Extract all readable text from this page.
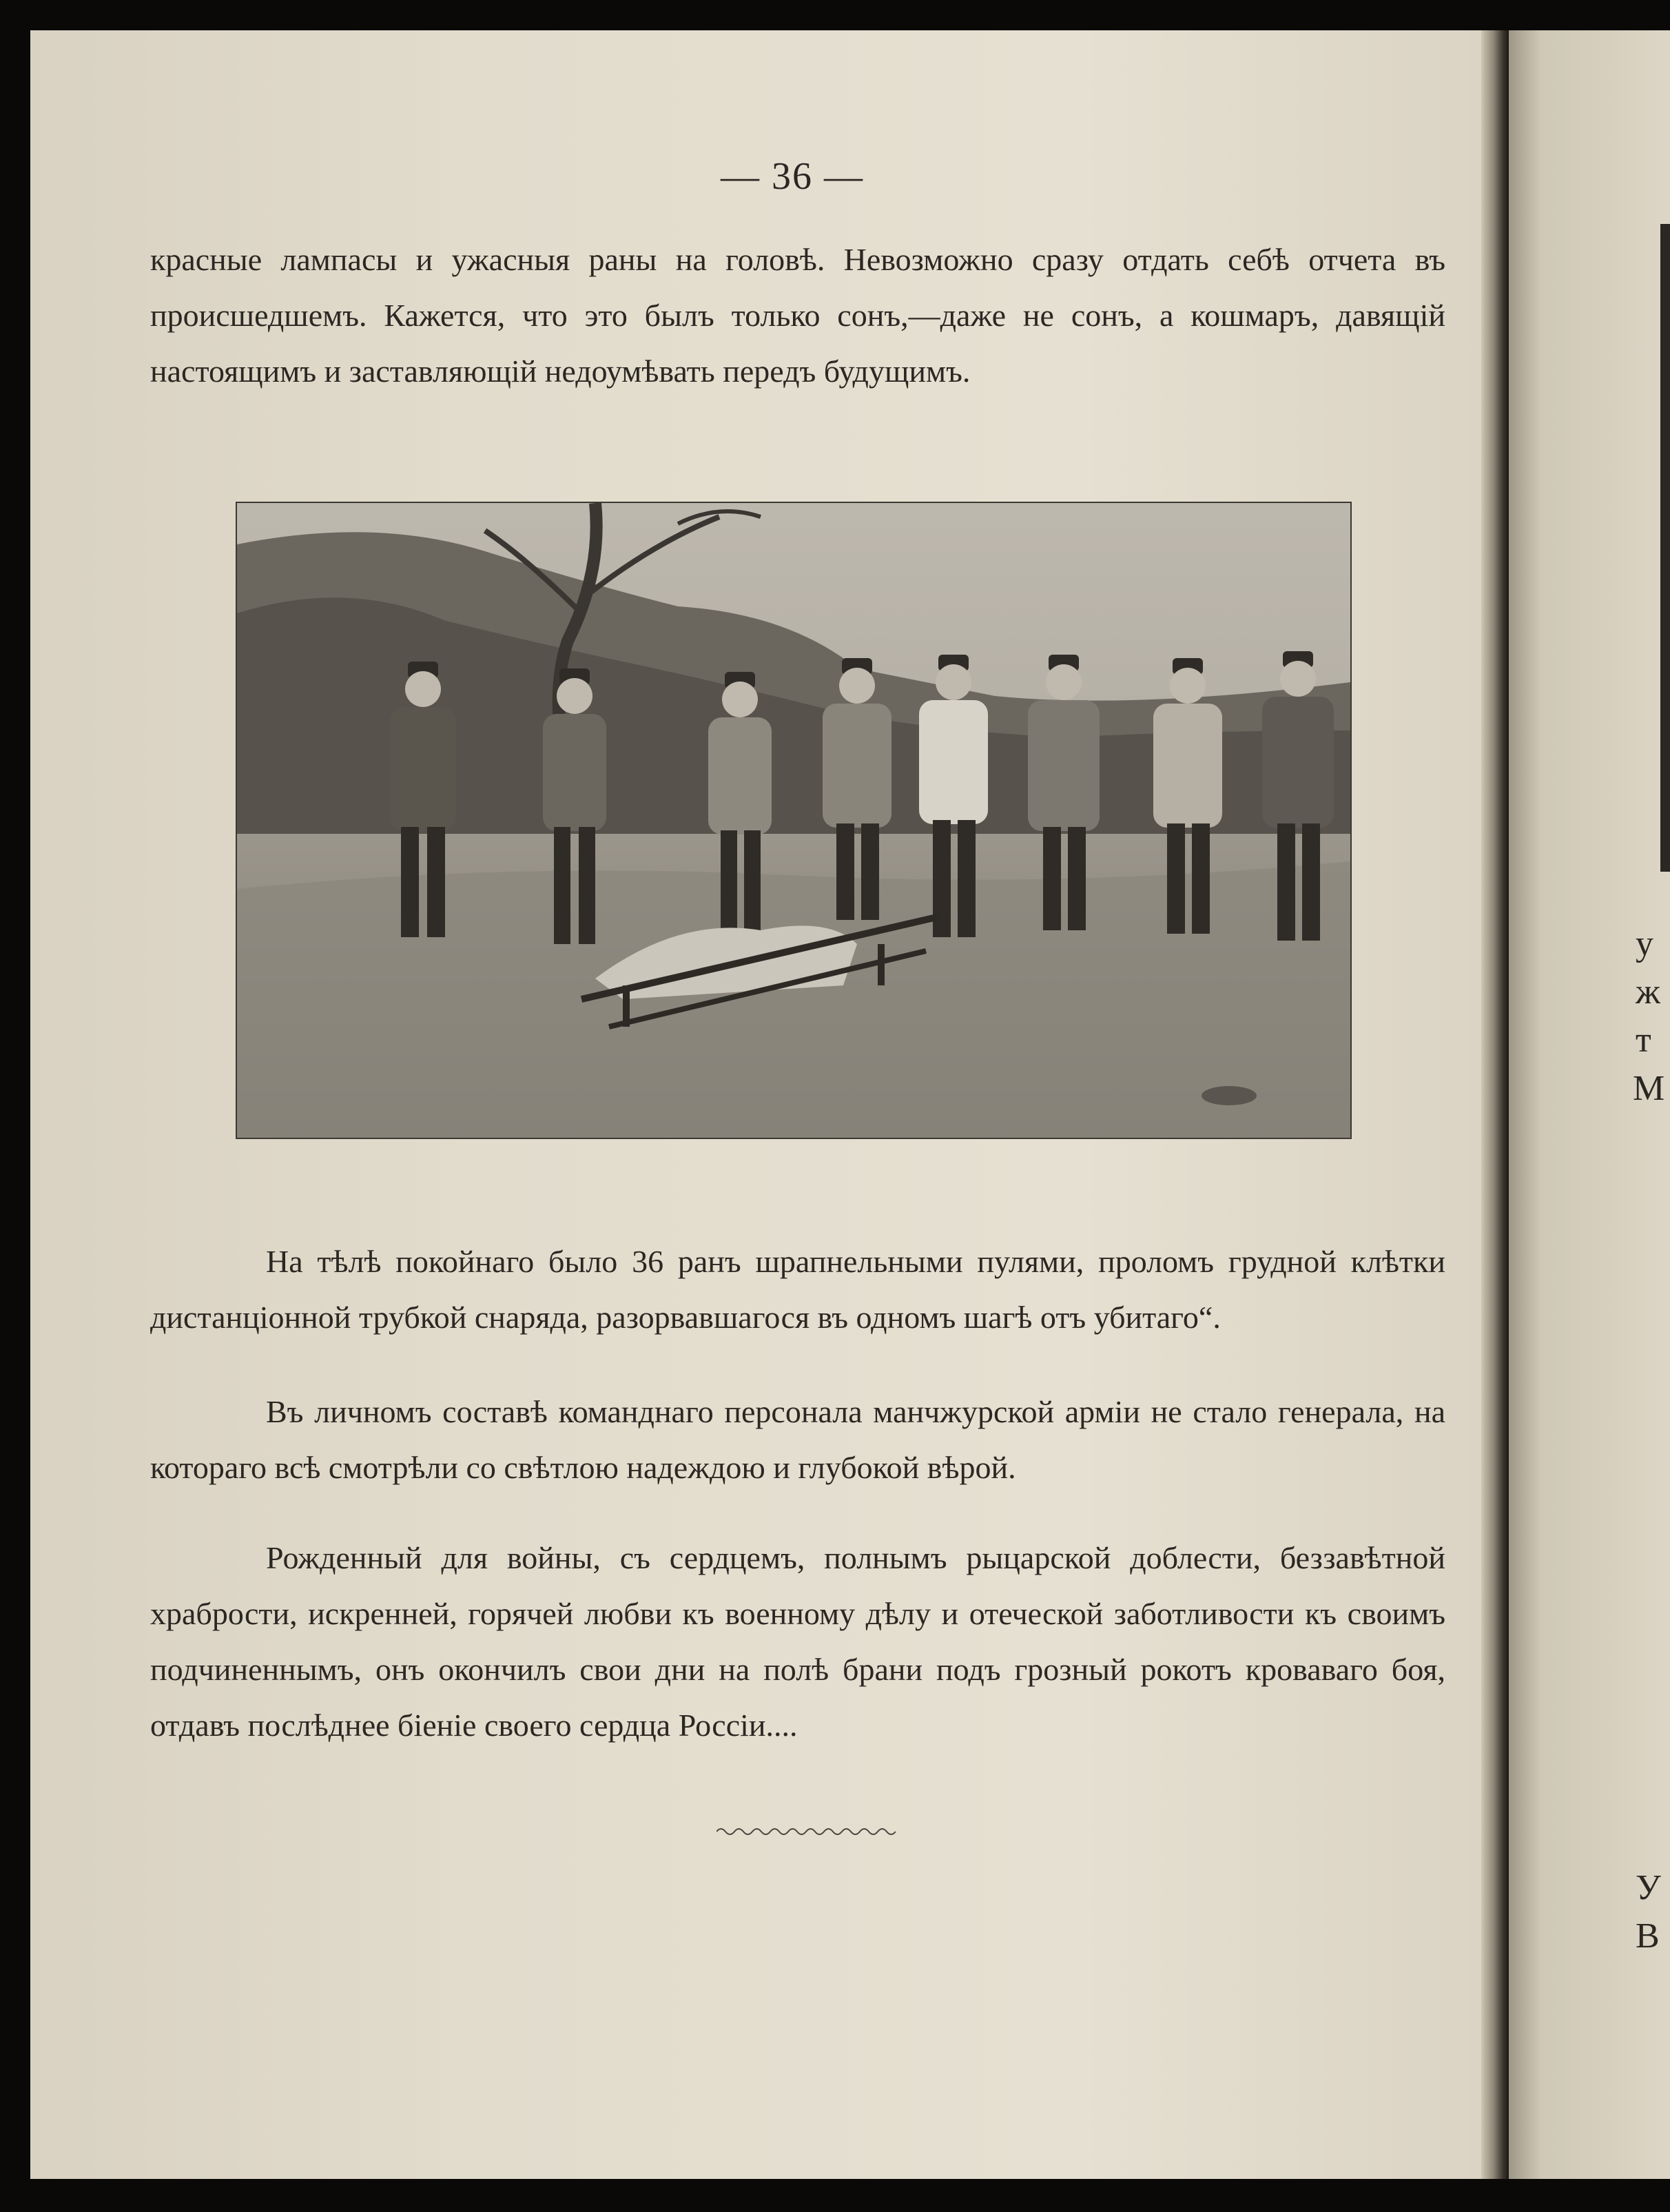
у
ж
т
М
У
В
— 36 —

красные лампасы и ужасныя раны на головѣ. Невозможно сразу отдать себѣ отчета въ происшедшемъ. Кажется, что это былъ только сонъ,—даже не сонъ, а кошмаръ, давящій настоящимъ и заставляющій недоумѣвать передъ будущимъ.

На тѣлѣ покойнаго было 36 ранъ шрапнельными пулями, проломъ грудной клѣтки дистанціонной трубкой снаряда, разорвавшагося въ одномъ шагѣ отъ убитаго“.

Въ личномъ составѣ команднаго персонала манчжурской арміи не стало генерала, на котораго всѣ смотрѣли со свѣтлою надеждою и глубокой вѣрой.

Рожденный для войны, съ сердцемъ, полнымъ рыцарской доблести, беззавѣтной храбрости, искренней, горячей любви къ военному дѣлу и отеческой заботливости къ своимъ подчиненнымъ, онъ окончилъ свои дни на полѣ брани подъ грозный рокотъ кроваваго боя, отдавъ послѣднее біеніе своего сердца Россіи....
